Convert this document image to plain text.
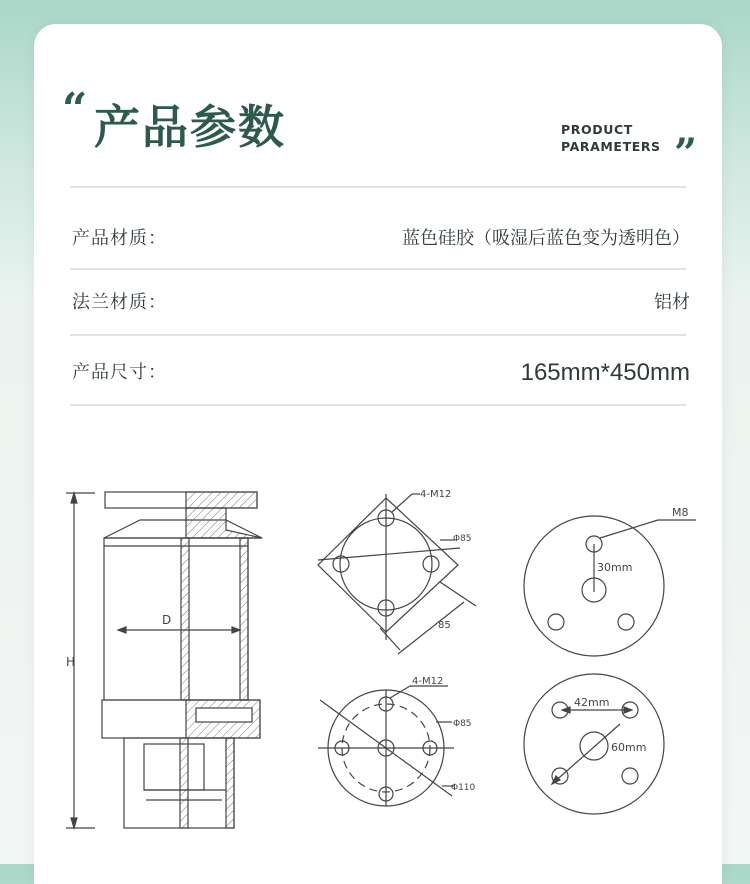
“ 产品参数	PRODUCT
PARAMETERS ”
产品材质：	蓝色硅胶（吸湿后蓝色变为透明色）
法兰材质：	铝材
产品尺寸：	165mm*450mm
H
D
4-M12
Φ85
85
4-M12
Φ85
Φ110
M8
30mm
42mm
60mm
